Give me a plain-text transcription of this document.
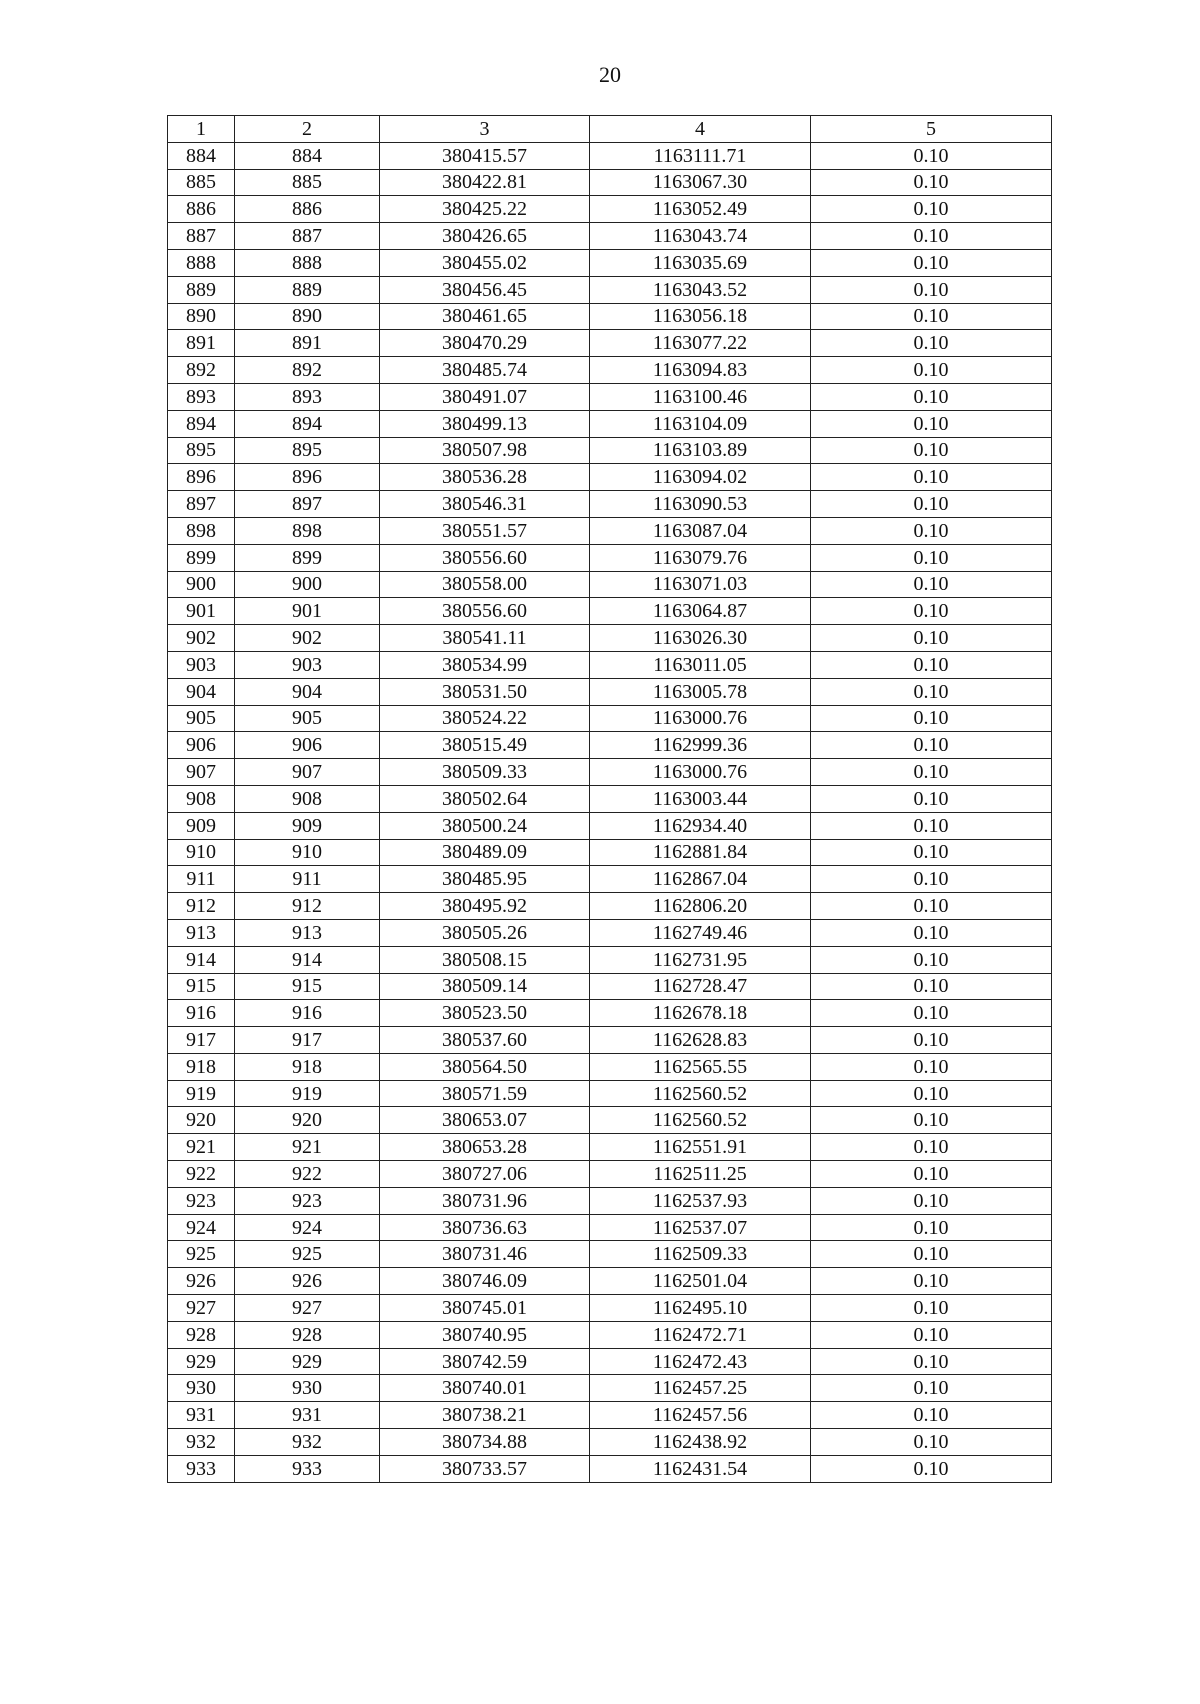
20
1	2	3	4	5
884	884	380415.57	1163111.71	0.10
885	885	380422.81	1163067.30	0.10
886	886	380425.22	1163052.49	0.10
887	887	380426.65	1163043.74	0.10
888	888	380455.02	1163035.69	0.10
889	889	380456.45	1163043.52	0.10
890	890	380461.65	1163056.18	0.10
891	891	380470.29	1163077.22	0.10
892	892	380485.74	1163094.83	0.10
893	893	380491.07	1163100.46	0.10
894	894	380499.13	1163104.09	0.10
895	895	380507.98	1163103.89	0.10
896	896	380536.28	1163094.02	0.10
897	897	380546.31	1163090.53	0.10
898	898	380551.57	1163087.04	0.10
899	899	380556.60	1163079.76	0.10
900	900	380558.00	1163071.03	0.10
901	901	380556.60	1163064.87	0.10
902	902	380541.11	1163026.30	0.10
903	903	380534.99	1163011.05	0.10
904	904	380531.50	1163005.78	0.10
905	905	380524.22	1163000.76	0.10
906	906	380515.49	1162999.36	0.10
907	907	380509.33	1163000.76	0.10
908	908	380502.64	1163003.44	0.10
909	909	380500.24	1162934.40	0.10
910	910	380489.09	1162881.84	0.10
911	911	380485.95	1162867.04	0.10
912	912	380495.92	1162806.20	0.10
913	913	380505.26	1162749.46	0.10
914	914	380508.15	1162731.95	0.10
915	915	380509.14	1162728.47	0.10
916	916	380523.50	1162678.18	0.10
917	917	380537.60	1162628.83	0.10
918	918	380564.50	1162565.55	0.10
919	919	380571.59	1162560.52	0.10
920	920	380653.07	1162560.52	0.10
921	921	380653.28	1162551.91	0.10
922	922	380727.06	1162511.25	0.10
923	923	380731.96	1162537.93	0.10
924	924	380736.63	1162537.07	0.10
925	925	380731.46	1162509.33	0.10
926	926	380746.09	1162501.04	0.10
927	927	380745.01	1162495.10	0.10
928	928	380740.95	1162472.71	0.10
929	929	380742.59	1162472.43	0.10
930	930	380740.01	1162457.25	0.10
931	931	380738.21	1162457.56	0.10
932	932	380734.88	1162438.92	0.10
933	933	380733.57	1162431.54	0.10
